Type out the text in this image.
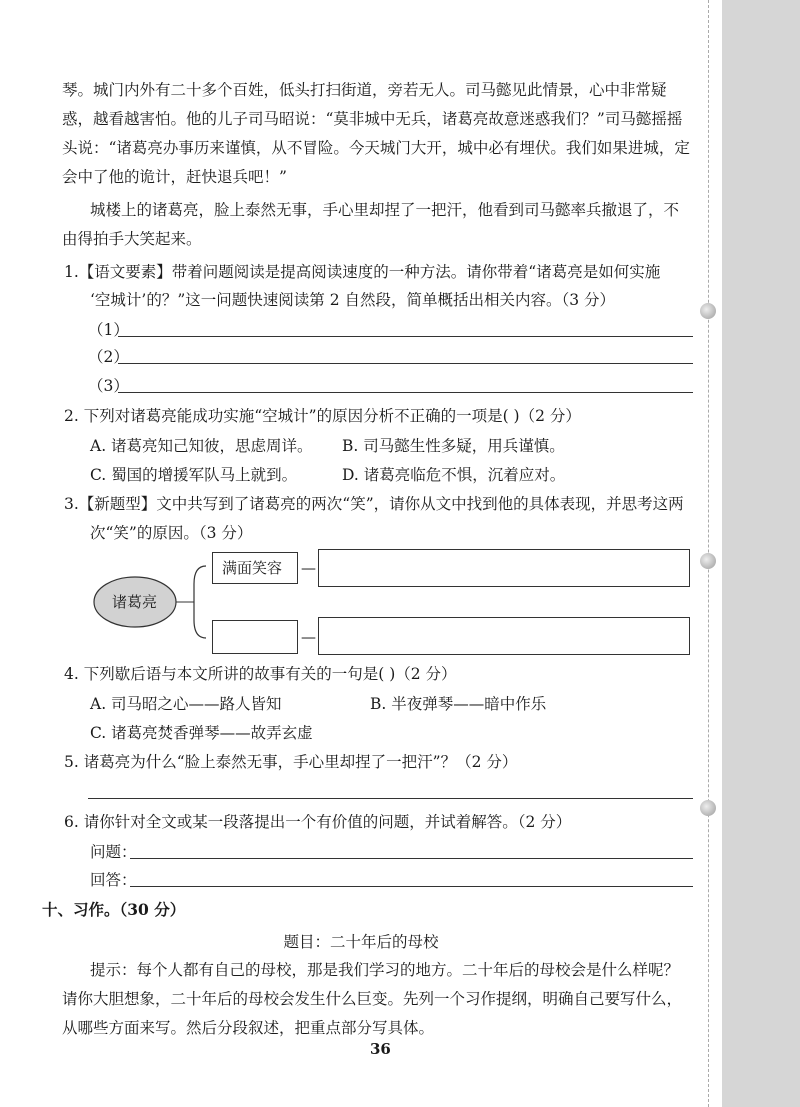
琴。城门内外有二十多个百姓，低头打扫街道，旁若无人。司马懿见此情景，心中非常疑
惑，越看越害怕。他的儿子司马昭说：“莫非城中无兵，诸葛亮故意迷惑我们？”司马懿摇摇
头说：“诸葛亮办事历来谨慎，从不冒险。今天城门大开，城中必有埋伏。我们如果进城，定
会中了他的诡计，赶快退兵吧！”
城楼上的诸葛亮，脸上泰然无事，手心里却捏了一把汗，他看到司马懿率兵撤退了，不
由得拍手大笑起来。
1.【语文要素】带着问题阅读是提高阅读速度的一种方法。请你带着“诸葛亮是如何实施
‘空城计’的？”这一问题快速阅读第 2 自然段，简单概括出相关内容。（3 分）
（1）
（2）
（3）
2. 下列对诸葛亮能成功实施“空城计”的原因分析不正确的一项是( )（2 分）
A. 诸葛亮知己知彼，思虑周详。 B. 司马懿生性多疑，用兵谨慎。
C. 蜀国的增援军队马上就到。	D. 诸葛亮临危不惧，沉着应对。
3.【新题型】文中共写到了诸葛亮的两次“笑”，请你从文中找到他的具体表现，并思考这两
次“笑”的原因。（3 分）
诸葛亮
满面笑容 —
—
4. 下列歇后语与本文所讲的故事有关的一句是( )（2 分）
A. 司马昭之心——路人皆知	B. 半夜弹琴——暗中作乐
C. 诸葛亮焚香弹琴——故弄玄虚
5. 诸葛亮为什么“脸上泰然无事，手心里却捏了一把汗”？（2 分）
6. 请你针对全文或某一段落提出一个有价值的问题，并试着解答。（2 分）
问题：
回答：
十、习作。（30 分）
题目：二十年后的母校
提示：每个人都有自己的母校，那是我们学习的地方。二十年后的母校会是什么样呢？
请你大胆想象，二十年后的母校会发生什么巨变。先列一个习作提纲，明确自己要写什么，
从哪些方面来写。然后分段叙述，把重点部分写具体。
36
